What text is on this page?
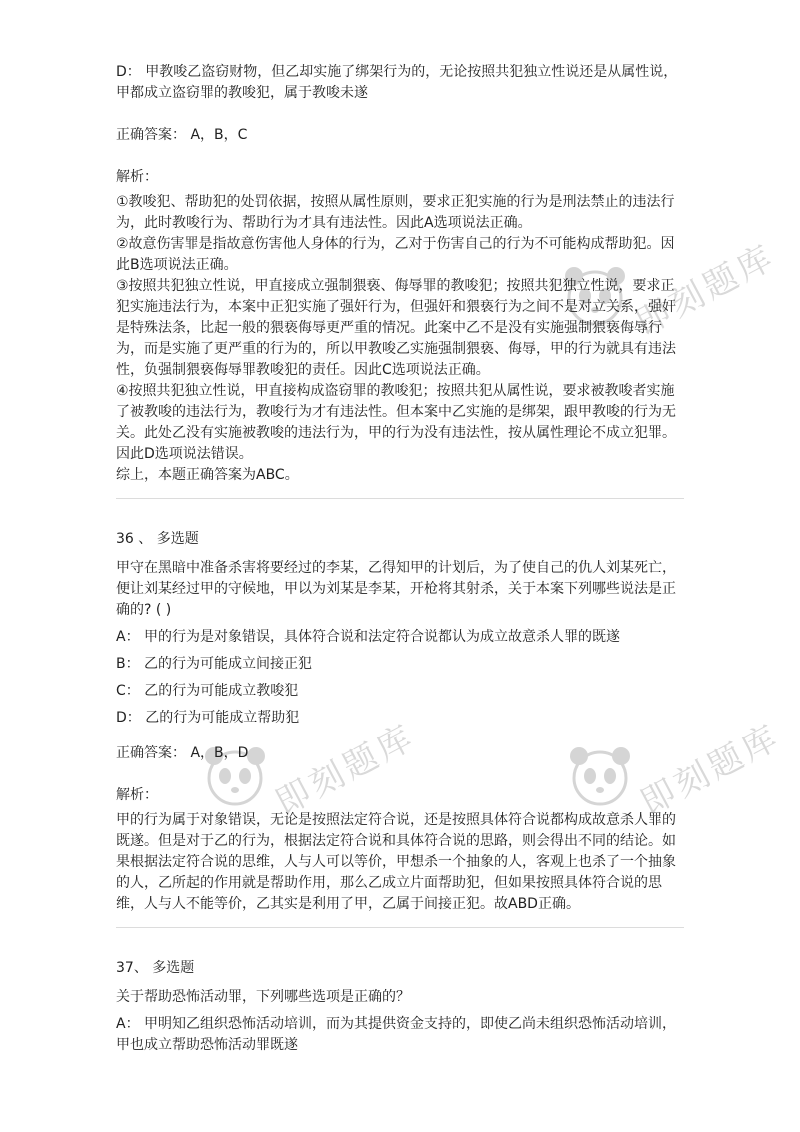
即刻题库
即刻题库	即刻题库

D： 甲教唆乙盗窃财物，但乙却实施了绑架行为的，无论按照共犯独立性说还是从属性说，甲都成立盗窃罪的教唆犯，属于教唆未遂

正确答案： A，B，C

解析：

①教唆犯、帮助犯的处罚依据，按照从属性原则，要求正犯实施的行为是刑法禁止的违法行为，此时教唆行为、帮助行为才具有违法性。因此A选项说法正确。

②故意伤害罪是指故意伤害他人身体的行为，乙对于伤害自己的行为不可能构成帮助犯。因此B选项说法正确。

③按照共犯独立性说，甲直接成立强制猥亵、侮辱罪的教唆犯；按照共犯独立性说，要求正犯实施违法行为，本案中正犯实施了强奸行为，但强奸和猥亵行为之间不是对立关系，强奸是特殊法条，比起一般的猥亵侮辱更严重的情况。此案中乙不是没有实施强制猥亵侮辱行为，而是实施了更严重的行为的，所以甲教唆乙实施强制猥亵、侮辱，甲的行为就具有违法性，负强制猥亵侮辱罪教唆犯的责任。因此C选项说法正确。

④按照共犯独立性说，甲直接构成盗窃罪的教唆犯；按照共犯从属性说，要求被教唆者实施了被教唆的违法行为，教唆行为才有违法性。但本案中乙实施的是绑架，跟甲教唆的行为无关。此处乙没有实施被教唆的违法行为，甲的行为没有违法性，按从属性理论不成立犯罪。因此D选项说法错误。

综上，本题正确答案为ABC。

36 、 多选题

甲守在黑暗中准备杀害将要经过的李某，乙得知甲的计划后，为了使自己的仇人刘某死亡，便让刘某经过甲的守候地，甲以为刘某是李某，开枪将其射杀，关于本案下列哪些说法是正确的? ( )

A： 甲的行为是对象错误，具体符合说和法定符合说都认为成立故意杀人罪的既遂

B： 乙的行为可能成立间接正犯

C： 乙的行为可能成立教唆犯

D： 乙的行为可能成立帮助犯

正确答案： A，B，D

解析：

甲的行为属于对象错误，无论是按照法定符合说，还是按照具体符合说都构成故意杀人罪的既遂。但是对于乙的行为，根据法定符合说和具体符合说的思路，则会得出不同的结论。如果根据法定符合说的思维，人与人可以等价，甲想杀一个抽象的人，客观上也杀了一个抽象的人，乙所起的作用就是帮助作用，那么乙成立片面帮助犯，但如果按照具体符合说的思维，人与人不能等价，乙其实是利用了甲，乙属于间接正犯。故ABD正确。

37、 多选题

关于帮助恐怖活动罪，下列哪些选项是正确的？

A： 甲明知乙组织恐怖活动培训，而为其提供资金支持的，即使乙尚未组织恐怖活动培训，甲也成立帮助恐怖活动罪既遂
